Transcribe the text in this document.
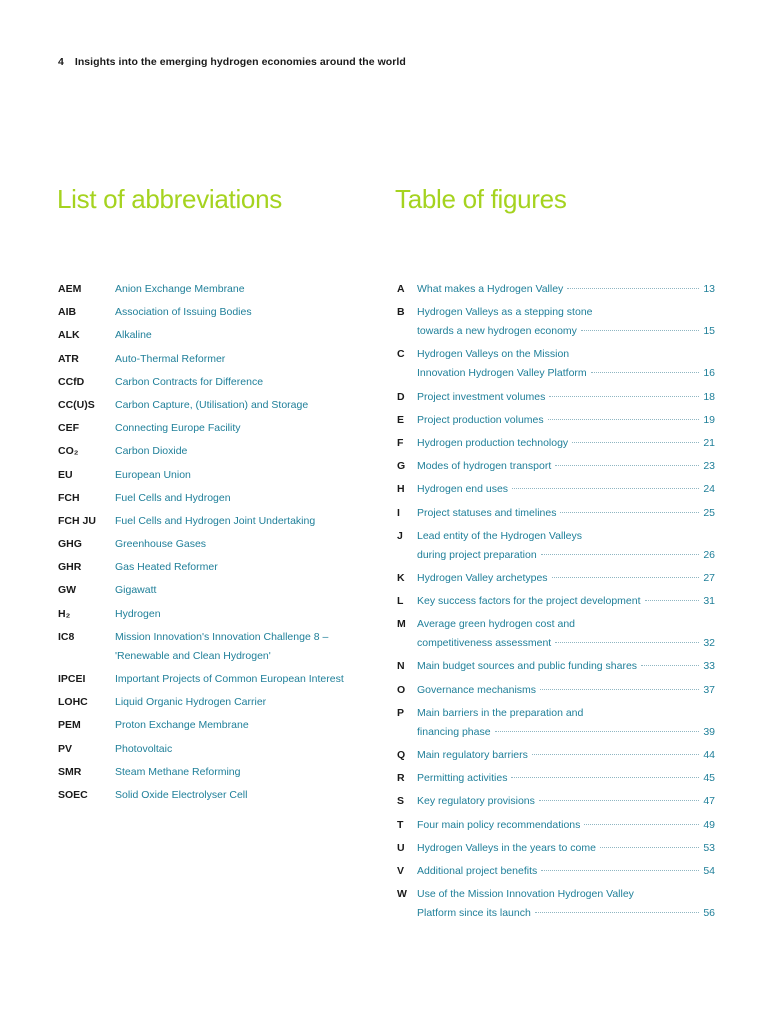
4 Insights into the emerging hydrogen economies around the world
List of abbreviations	Table of figures
AEM	Anion Exchange Membrane
AIB	Association of Issuing Bodies
ALK	Alkaline
ATR	Auto-Thermal Reformer
CCfD	Carbon Contracts for Difference
CC(U)S	Carbon Capture, (Utilisation) and Storage
CEF	Connecting Europe Facility
CO₂	Carbon Dioxide
EU	European Union
FCH	Fuel Cells and Hydrogen
FCH JU	Fuel Cells and Hydrogen Joint Undertaking
GHG	Greenhouse Gases
GHR	Gas Heated Reformer
GW	Gigawatt
H₂	Hydrogen
IC8	Mission Innovation's Innovation Challenge 8 –
'Renewable and Clean Hydrogen'
IPCEI	Important Projects of Common European Interest
LOHC	Liquid Organic Hydrogen Carrier
PEM	Proton Exchange Membrane
PV	Photovoltaic
SMR	Steam Methane Reforming
SOEC	Solid Oxide Electrolyser Cell
A	What makes a Hydrogen Valley	13
B	Hydrogen Valleys as a stepping stone
towards a new hydrogen economy	15
C	Hydrogen Valleys on the Mission
Innovation Hydrogen Valley Platform	16
D	Project investment volumes	18
E	Project production volumes	19
F	Hydrogen production technology	21
G	Modes of hydrogen transport	23
H	Hydrogen end uses	24
I	Project statuses and timelines	25
J	Lead entity of the Hydrogen Valleys
during project preparation	26
K	Hydrogen Valley archetypes	27
L	Key success factors for the project development	31
M	Average green hydrogen cost and
competitiveness assessment	32
N	Main budget sources and public funding shares	33
O	Governance mechanisms	37
P	Main barriers in the preparation and
financing phase	39
Q	Main regulatory barriers	44
R	Permitting activities	45
S	Key regulatory provisions	47
T	Four main policy recommendations	49
U	Hydrogen Valleys in the years to come	53
V	Additional project benefits	54
W Use of the Mission Innovation Hydrogen Valley
Platform since its launch	56
